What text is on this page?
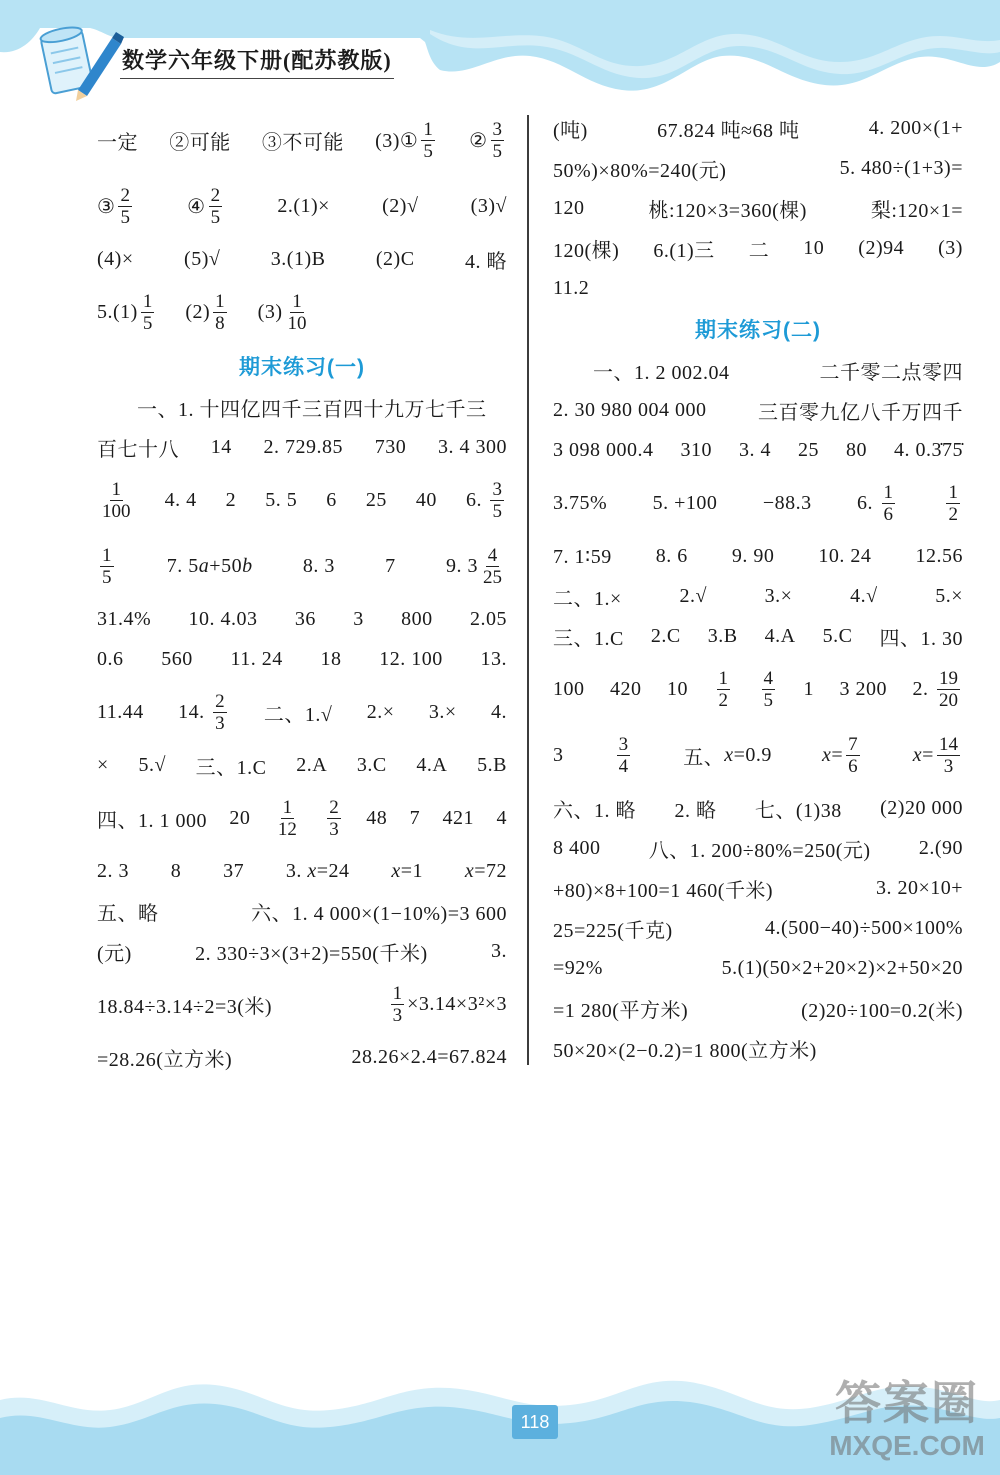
数学六年级下册(配苏教版)
一定 ②可能 ③不可能 (3)① $\frac{1}{5}$ ② $\frac{3}{5}$
③ $\frac{2}{5}$	④ $\frac{2}{5}$	2.(1)×	(2)√	(3)√
(4)×	(5)√	3.(1)B	(2)C	4. 略
$5.(1) \frac{1}{5} (2) \frac{1}{8} (3) \frac{1}{10}$
期末练习(一)
一、1. 十四亿四千三百四十九万七千三
百七十八 14 2. 729.85 730 3. 4 300
$\frac{1}{100} 4$. 4 2 5. 5 6 25 40 6. $\frac{3}{5}$
$\frac{1}{5}$	7. 5 a +50 b	8. 3	7	9. $3 \frac{4}{25}$
31.4% 10. 4.03 36 3 800 2.05
0.6 560 11. 24 18 12. 100 13.
11.44 14. $\frac{2}{3}$ 二、1.√ 2.× 3.× 4.
× 5.√ 三、1.C 2.A 3.C 4.A 5.B
四、1. 1 000 $20 \frac{1}{12} \frac{2}{3} 48$ 7 421 4
2. 3 8 37 3. x =24 x =1 x =72
五、略	六、1. 4 000×(1−10%)=3 600
(元)	2. 330÷3×(3+2)=550(千米)	3.
18.84÷3.14÷2=3(米)	$\frac{1}{3} \times 3.14\times 3^2\times 3$
=28.26(立方米)	28.26×2.4=67.824
(吨)	67.824 吨≈68 吨	4. 200×(1+
50%)×80%=240(元)	5. 480÷(1+3)=
120	桃:120×3=360(棵)	梨:120×1=
120(棵) 6.(1)三 二 10 (2)94 (3)
11.2
期末练习(二)
一、1. 2 002.04	二千零二点零四
2. 30 980 004 000	三百零九亿八千万四千
3 098 000.4 310 3. 4 25 80 4. 0.3̇75̇
3.75% 5. +100 −88.3 6. $\frac{1}{6}$	$\frac{1}{2}$
7. 1∶59 8. 6 9. 90 10. 24 12.56
二、1.×	2.√	3.×	4.√	5.×
三、1.C 2.C 3.B 4.A 5.C 四、1. 30
100 420 $10 \frac{1}{2} \frac{4}{5} 1$ 3 200 2. $\frac{19}{20}$
3	$\frac{3}{4}$	五、 x =0.9	$x = \frac{7}{6}$	$x = \frac{14}{3}$
六、1. 略 2. 略 七、(1)38 (2)20 000
8 400 八、1. 200÷80%=250(元) 2.(90
+80)×8+100=1 460(千米)	3. 20×10+
25=225(千克)	4.(500−40)÷500×100%
=92%	5.(1)(50×2+20×2)×2+50×20
=1 280(平方米)	(2)20÷100=0.2(米)
50×20×(2−0.2)=1 800(立方米)
118	答案圈
MXQE.COM
